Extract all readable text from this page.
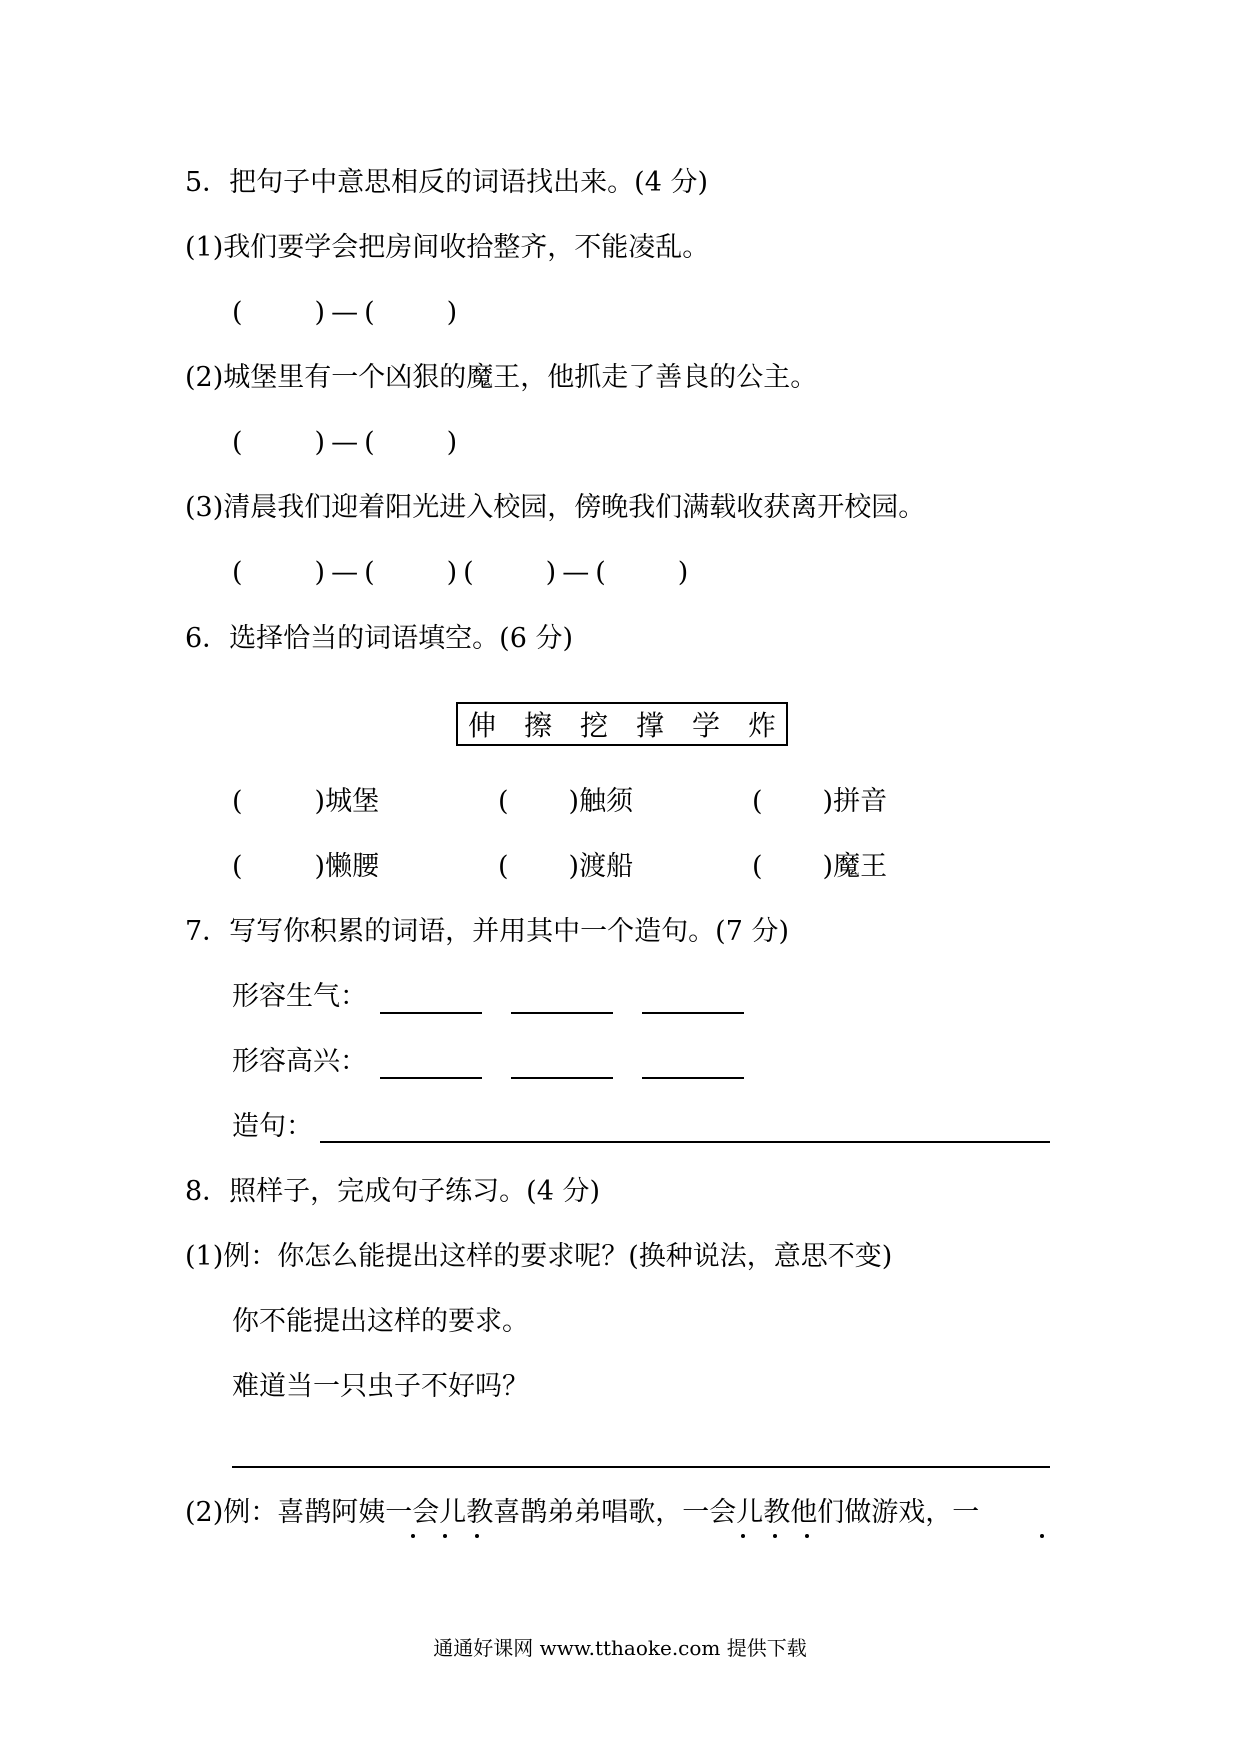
5．把句子中意思相反的词语找出来。(4 分)
(1)我们要学会把房间收拾整齐，不能凌乱。
(　　)—(　　)
(2)城堡里有一个凶狠的魔王，他抓走了善良的公主。
(　　)—(　　)
(3)清晨我们迎着阳光进入校园，傍晚我们满载收获离开校园。
(　　)—(　　)(　　)—(　　)
6．选择恰当的词语填空。(6 分)
伸 擦 挖 撑 学 炸
(	)城堡	( )触须	( )拼音
(	)懒腰	( )渡船	( )魔王
7．写写你积累的词语，并用其中一个造句。(7 分)
形容生气：
形容高兴：
造句：
8．照样子，完成句子练习。(4 分)
(1)例：你怎么能提出这样的要求呢？(换种说法，意思不变)
你不能提出这样的要求。
难道当一只虫子不好吗？
(2)例：喜鹊阿姨一会儿教喜鹊弟弟唱歌，一会儿教他们做游戏，一
通通好课网 www.tthaoke.com 提供下载
